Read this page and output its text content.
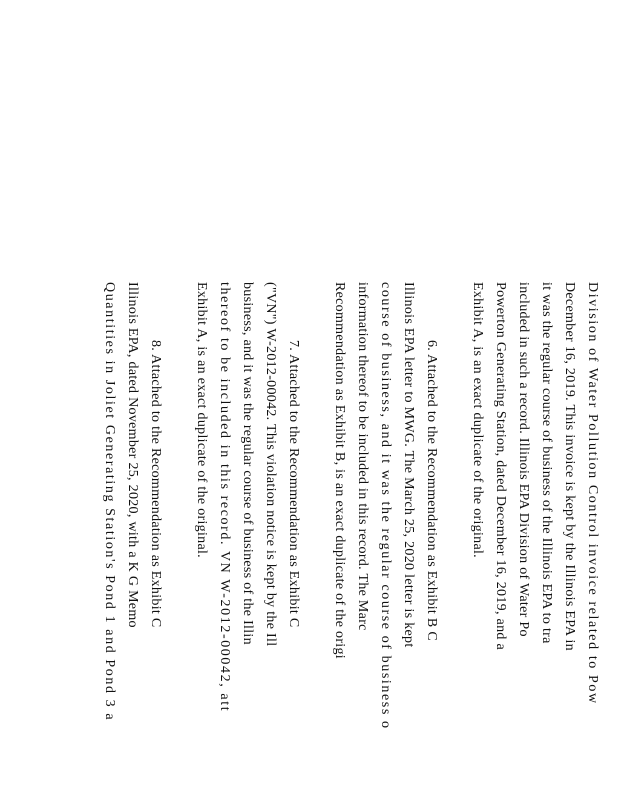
Division of Water Pollution Control invoice related to Pow
December 16, 2019. This invoice is kept by the Illinois EPA in
it was the regular course of business of the Illinois EPA to tra
included in such a record. Illinois EPA Division of Water Po
Powerton Generating Station, dated December 16, 2019, and a
Exhibit A, is an exact duplicate of the original.
6. Attached to the Recommendation as Exhibit B C
Illinois EPA letter to MWG. The March 25, 2020 letter is kept
course of business, and it was the regular course of business o
information thereof to be included in this record. The Marc
Recommendation as Exhibit B, is an exact duplicate of the origi
7. Attached to the Recommendation as Exhibit C
("VN") W-2012-00042. This violation notice is kept by the Ill
business, and it was the regular course of business of the Illin
thereof to be included in this record. VN W-2012-00042, att
Exhibit A, is an exact duplicate of the original.
8. Attached to the Recommendation as Exhibit C
Illinois EPA, dated November 25, 2020, with a K G Memo
Quantities in Joliet Generating Station's Pond 1 and Pond 3 a
